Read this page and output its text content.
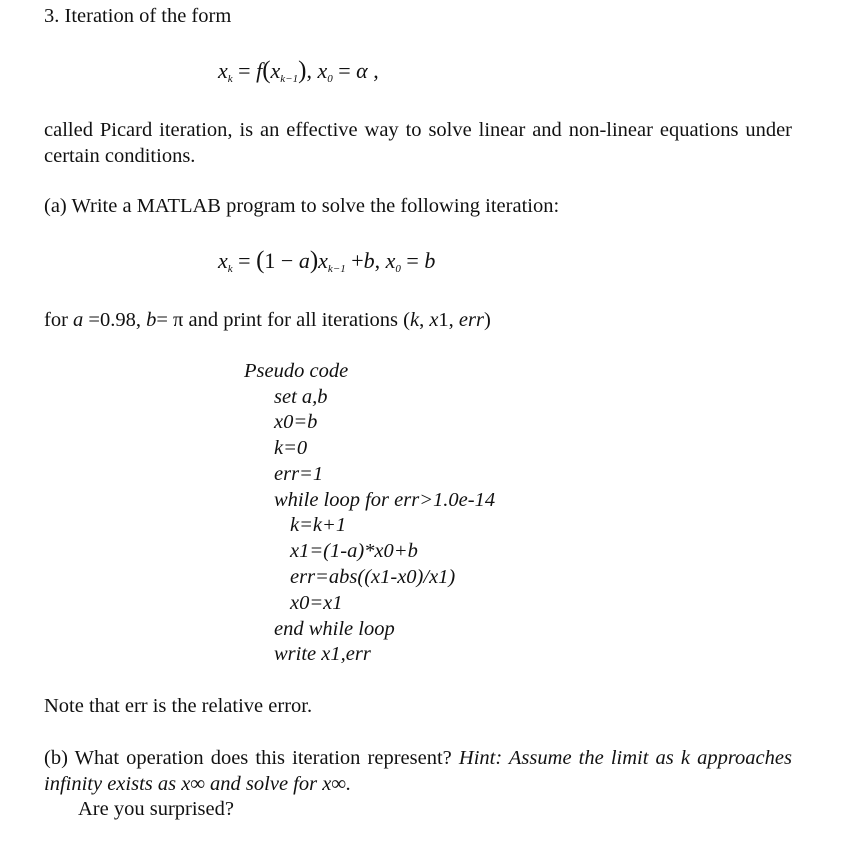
3. Iteration of the form
$x_k = f(x_{k-1})$, $x_0 = \alpha$ ,
called Picard iteration, is an effective way to solve linear and non-linear equations under certain conditions.
(a) Write a MATLAB program to solve the following iteration:
$x_k = (1 - a)x_{k-1} +b$, $x_0 = b$
for a =0.98, b= π and print for all iterations (k, x1, err)
Pseudo code
set a,b
x0=b
k=0
err=1
while loop for err>1.0e-14
k=k+1
x1=(1-a)*x0+b
err=abs((x1-x0)/x1)
x0=x1
end while loop
write x1,err
Note that err is the relative error.
(b) What operation does this iteration represent? Hint: Assume the limit as k approaches infinity exists as x∞ and solve for x∞.
Are you surprised?
